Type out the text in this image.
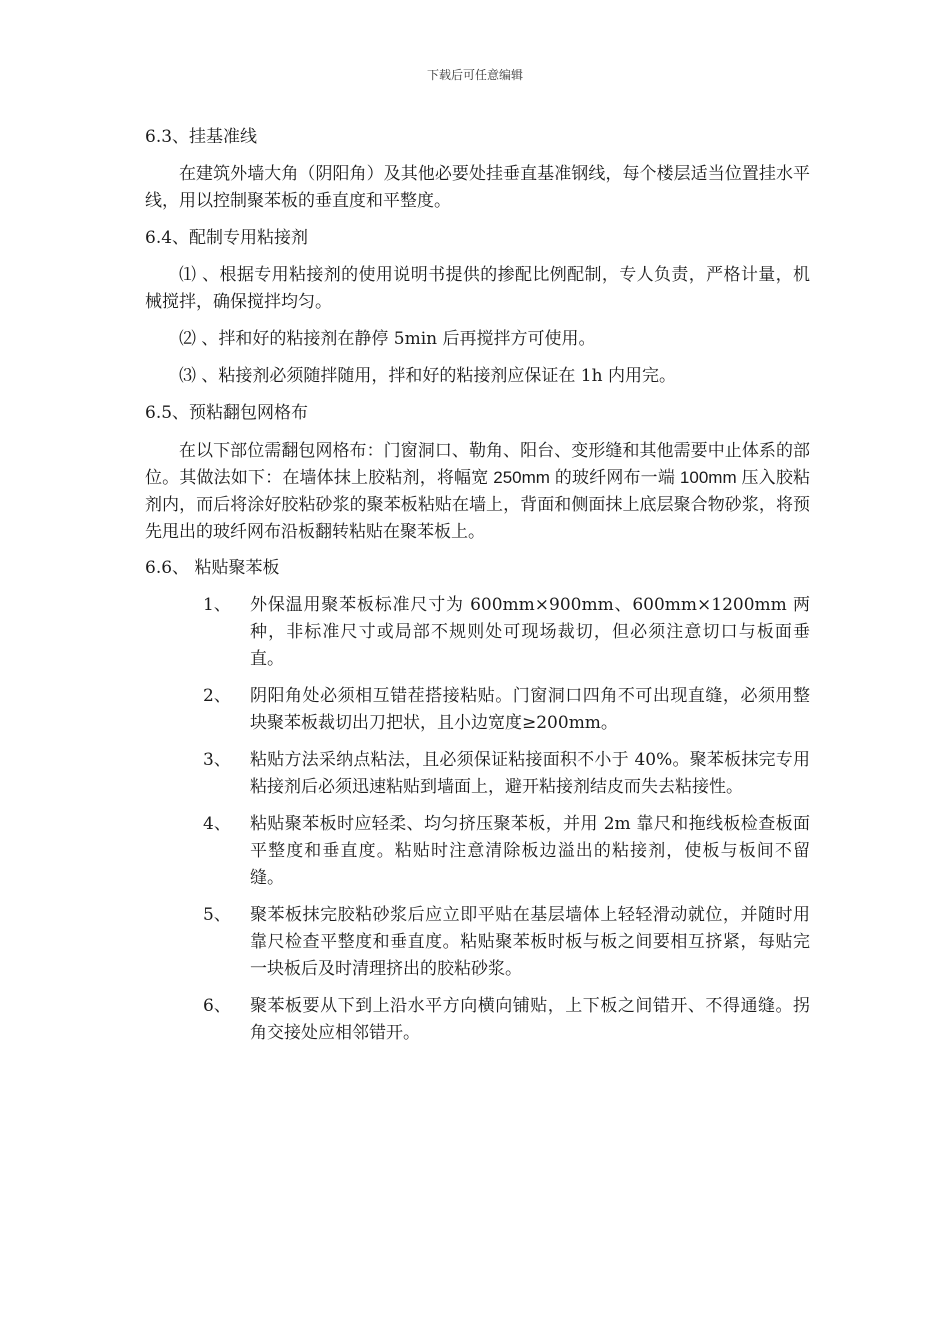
下载后可任意编辑

6.3、挂基准线

在建筑外墙大角（阴阳角）及其他必要处挂垂直基准钢线，每个楼层适当位置挂水平线，用以控制聚苯板的垂直度和平整度。

6.4、配制专用粘接剂

⑴ 、根据专用粘接剂的使用说明书提供的掺配比例配制，专人负责，严格计量，机械搅拌，确保搅拌均匀。

⑵ 、拌和好的粘接剂在静停 5min 后再搅拌方可使用。

⑶ 、粘接剂必须随拌随用，拌和好的粘接剂应保证在 1h 内用完。

6.5、预粘翻包网格布

在以下部位需翻包网格布：门窗洞口、勒角、阳台、变形缝和其他需要中止体系的部位。其做法如下：在墙体抹上胶粘剂，将幅宽 250mm 的玻纤网布一端 100mm 压入胶粘剂内，而后将涂好胶粘砂浆的聚苯板粘贴在墙上，背面和侧面抹上底层聚合物砂浆，将预先甩出的玻纤网布沿板翻转粘贴在聚苯板上。

6.6、 粘贴聚苯板

1、 外保温用聚苯板标准尺寸为 600mm×900mm、600mm×1200mm 两种，非标准尺寸或局部不规则处可现场裁切，但必须注意切口与板面垂直。
2、 阴阳角处必须相互错茬搭接粘贴。门窗洞口四角不可出现直缝，必须用整块聚苯板裁切出刀把状，且小边宽度≥200mm。
3、 粘贴方法采纳点粘法，且必须保证粘接面积不小于 40%。聚苯板抹完专用粘接剂后必须迅速粘贴到墙面上，避开粘接剂结皮而失去粘接性。
4、 粘贴聚苯板时应轻柔、均匀挤压聚苯板，并用 2m 靠尺和拖线板检查板面平整度和垂直度。粘贴时注意清除板边溢出的粘接剂，使板与板间不留缝。
5、 聚苯板抹完胶粘砂浆后应立即平贴在基层墙体上轻轻滑动就位，并随时用靠尺检查平整度和垂直度。粘贴聚苯板时板与板之间要相互挤紧，每贴完一块板后及时清理挤出的胶粘砂浆。
6、 聚苯板要从下到上沿水平方向横向铺贴，上下板之间错开、不得通缝。拐角交接处应相邻错开。
